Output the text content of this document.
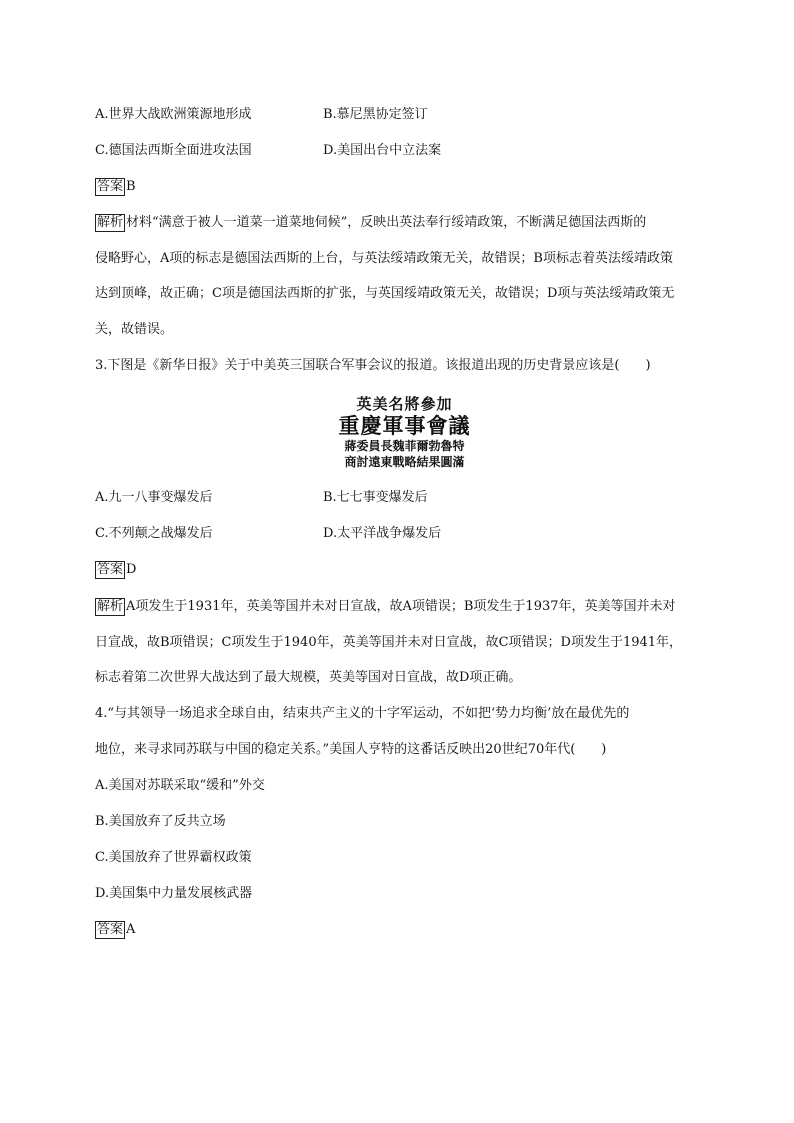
A.世界大战欧洲策源地形成	B.慕尼黑协定签订
C.德国法西斯全面进攻法国	D.美国出台中立法案
答案 B
解析 材料“满意于被人一道菜一道菜地伺候”，反映出英法奉行绥靖政策，不断满足德国法西斯的
侵略野心，A项的标志是德国法西斯的上台，与英法绥靖政策无关，故错误；B项标志着英法绥靖政策
达到顶峰，故正确；C项是德国法西斯的扩张，与英国绥靖政策无关，故错误；D项与英法绥靖政策无
关，故错误。
3.下图是《新华日报》关于中美英三国联合军事会议的报道。该报道出现的历史背景应该是(　　)
英美名將參加
重慶軍事會議
蔣委員長魏菲爾勃魯特
商討遠東戰略結果圓滿
A.九一八事变爆发后	B.七七事变爆发后
C.不列颠之战爆发后	D.太平洋战争爆发后
答案 D
解析 A项发生于1931年，英美等国并未对日宣战，故A项错误；B项发生于1937年，英美等国并未对
日宣战，故B项错误；C项发生于1940年，英美等国并未对日宣战，故C项错误；D项发生于1941年，
标志着第二次世界大战达到了最大规模，英美等国对日宣战，故D项正确。
4.“与其领导一场追求全球自由，结束共产主义的十字军运动，不如把‘势力均衡’放在最优先的
地位，来寻求同苏联与中国的稳定关系。”美国人亨特的这番话反映出20世纪70年代(　　)
A.美国对苏联采取“缓和”外交
B.美国放弃了反共立场
C.美国放弃了世界霸权政策
D.美国集中力量发展核武器
答案 A
